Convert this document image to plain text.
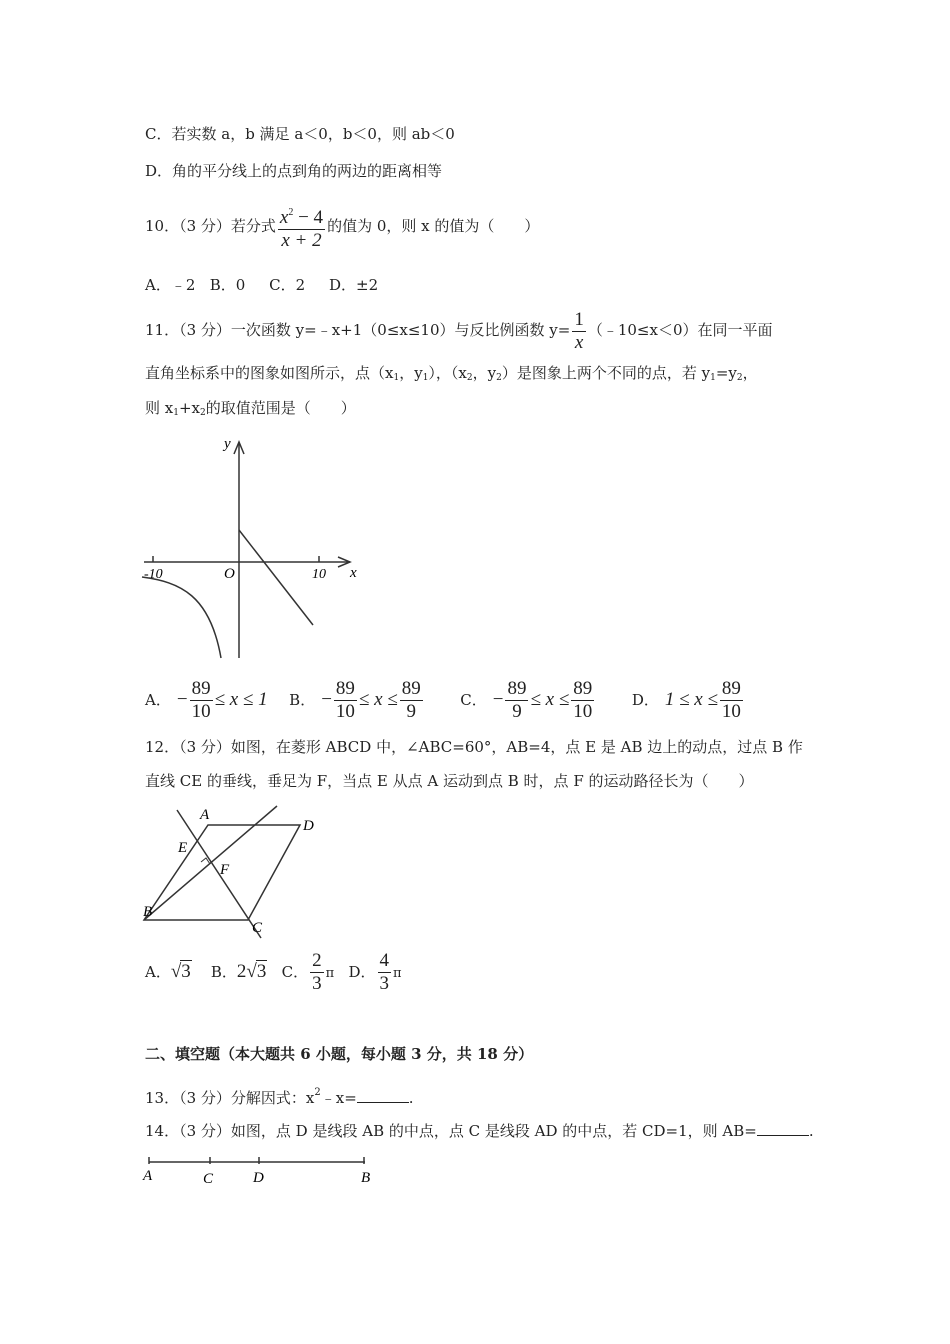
C．若实数 a，b 满足 a＜0，b＜0，则 ab＜0
D．角的平分线上的点到角的两边的距离相等
10．（3 分）若分式 $\frac{x^2 - 4}{x + 2}$ 的值为 0，则 x 的值为（　　）
A．﹣2 B．0 C．2 D．±2
11．（3 分）一次函数 y=﹣x+1（0≤x≤10）与反比例函数 $y= \frac{1}{x}$ （﹣10≤x＜0）在同一平面
直角坐标系中的图象如图所示，点（$x_1$，$y_1$），（$x_2$，$y_2$）是图象上两个不同的点，若 $y_1=y_2$，
则 $x_1+x_2$的取值范围是（　　）
y
x
O
-10	10
A． − $\frac{89}{10} \le x \le 1$ B． − $\frac{89}{10} \le x \le \frac{89}{9}$	C． − $\frac{89}{9} \le x \le \frac{89}{10}$	D． $1 \le x \le \frac{89}{10}$
12．（3 分）如图，在菱形 ABCD 中，∠ABC=60°，AB=4，点 E 是 AB 边上的动点，过点 B 作
直线 CE 的垂线，垂足为 F，当点 E 从点 A 运动到点 B 时，点 F 的运动路径长为（　　）
A
D
C
B
E
F
A．√3 B．2√3 C． $\frac{2}{3}$ π D． $\frac{4}{3}$ π
二、填空题（本大题共 6 小题，每小题 3 分，共 18 分）
13．（3 分）分解因式：$x^2﹣x=$	.
14．（3 分）如图，点 D 是线段 AB 的中点，点 C 是线段 AD 的中点，若 CD=1，则 AB=	.
A	C	D	B
